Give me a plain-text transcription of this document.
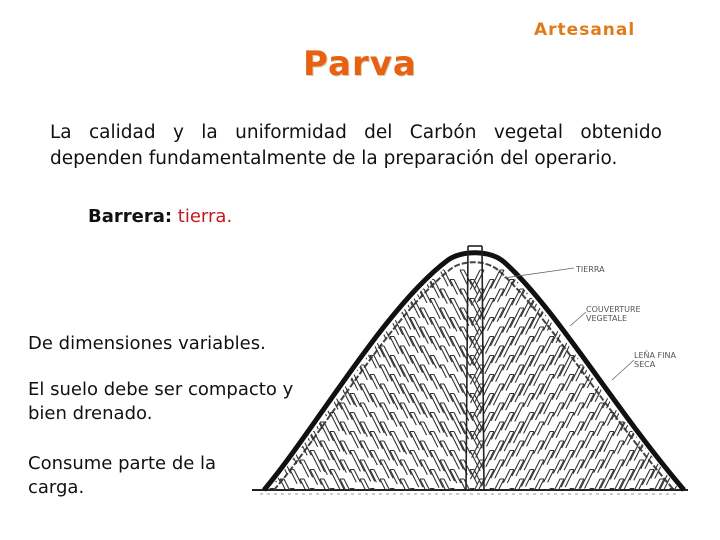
Artesanal
Parva
La calidad y la uniformidad del Carbón vegetal obtenido dependen fundamentalmente de la preparación del operario.
Barrera: tierra.
De dimensiones variables.
El suelo debe ser compacto y bien drenado.
Consume parte de la carga.
TIERRA
COUVERTURE VEGETALE
LEÑA FINA SECA
